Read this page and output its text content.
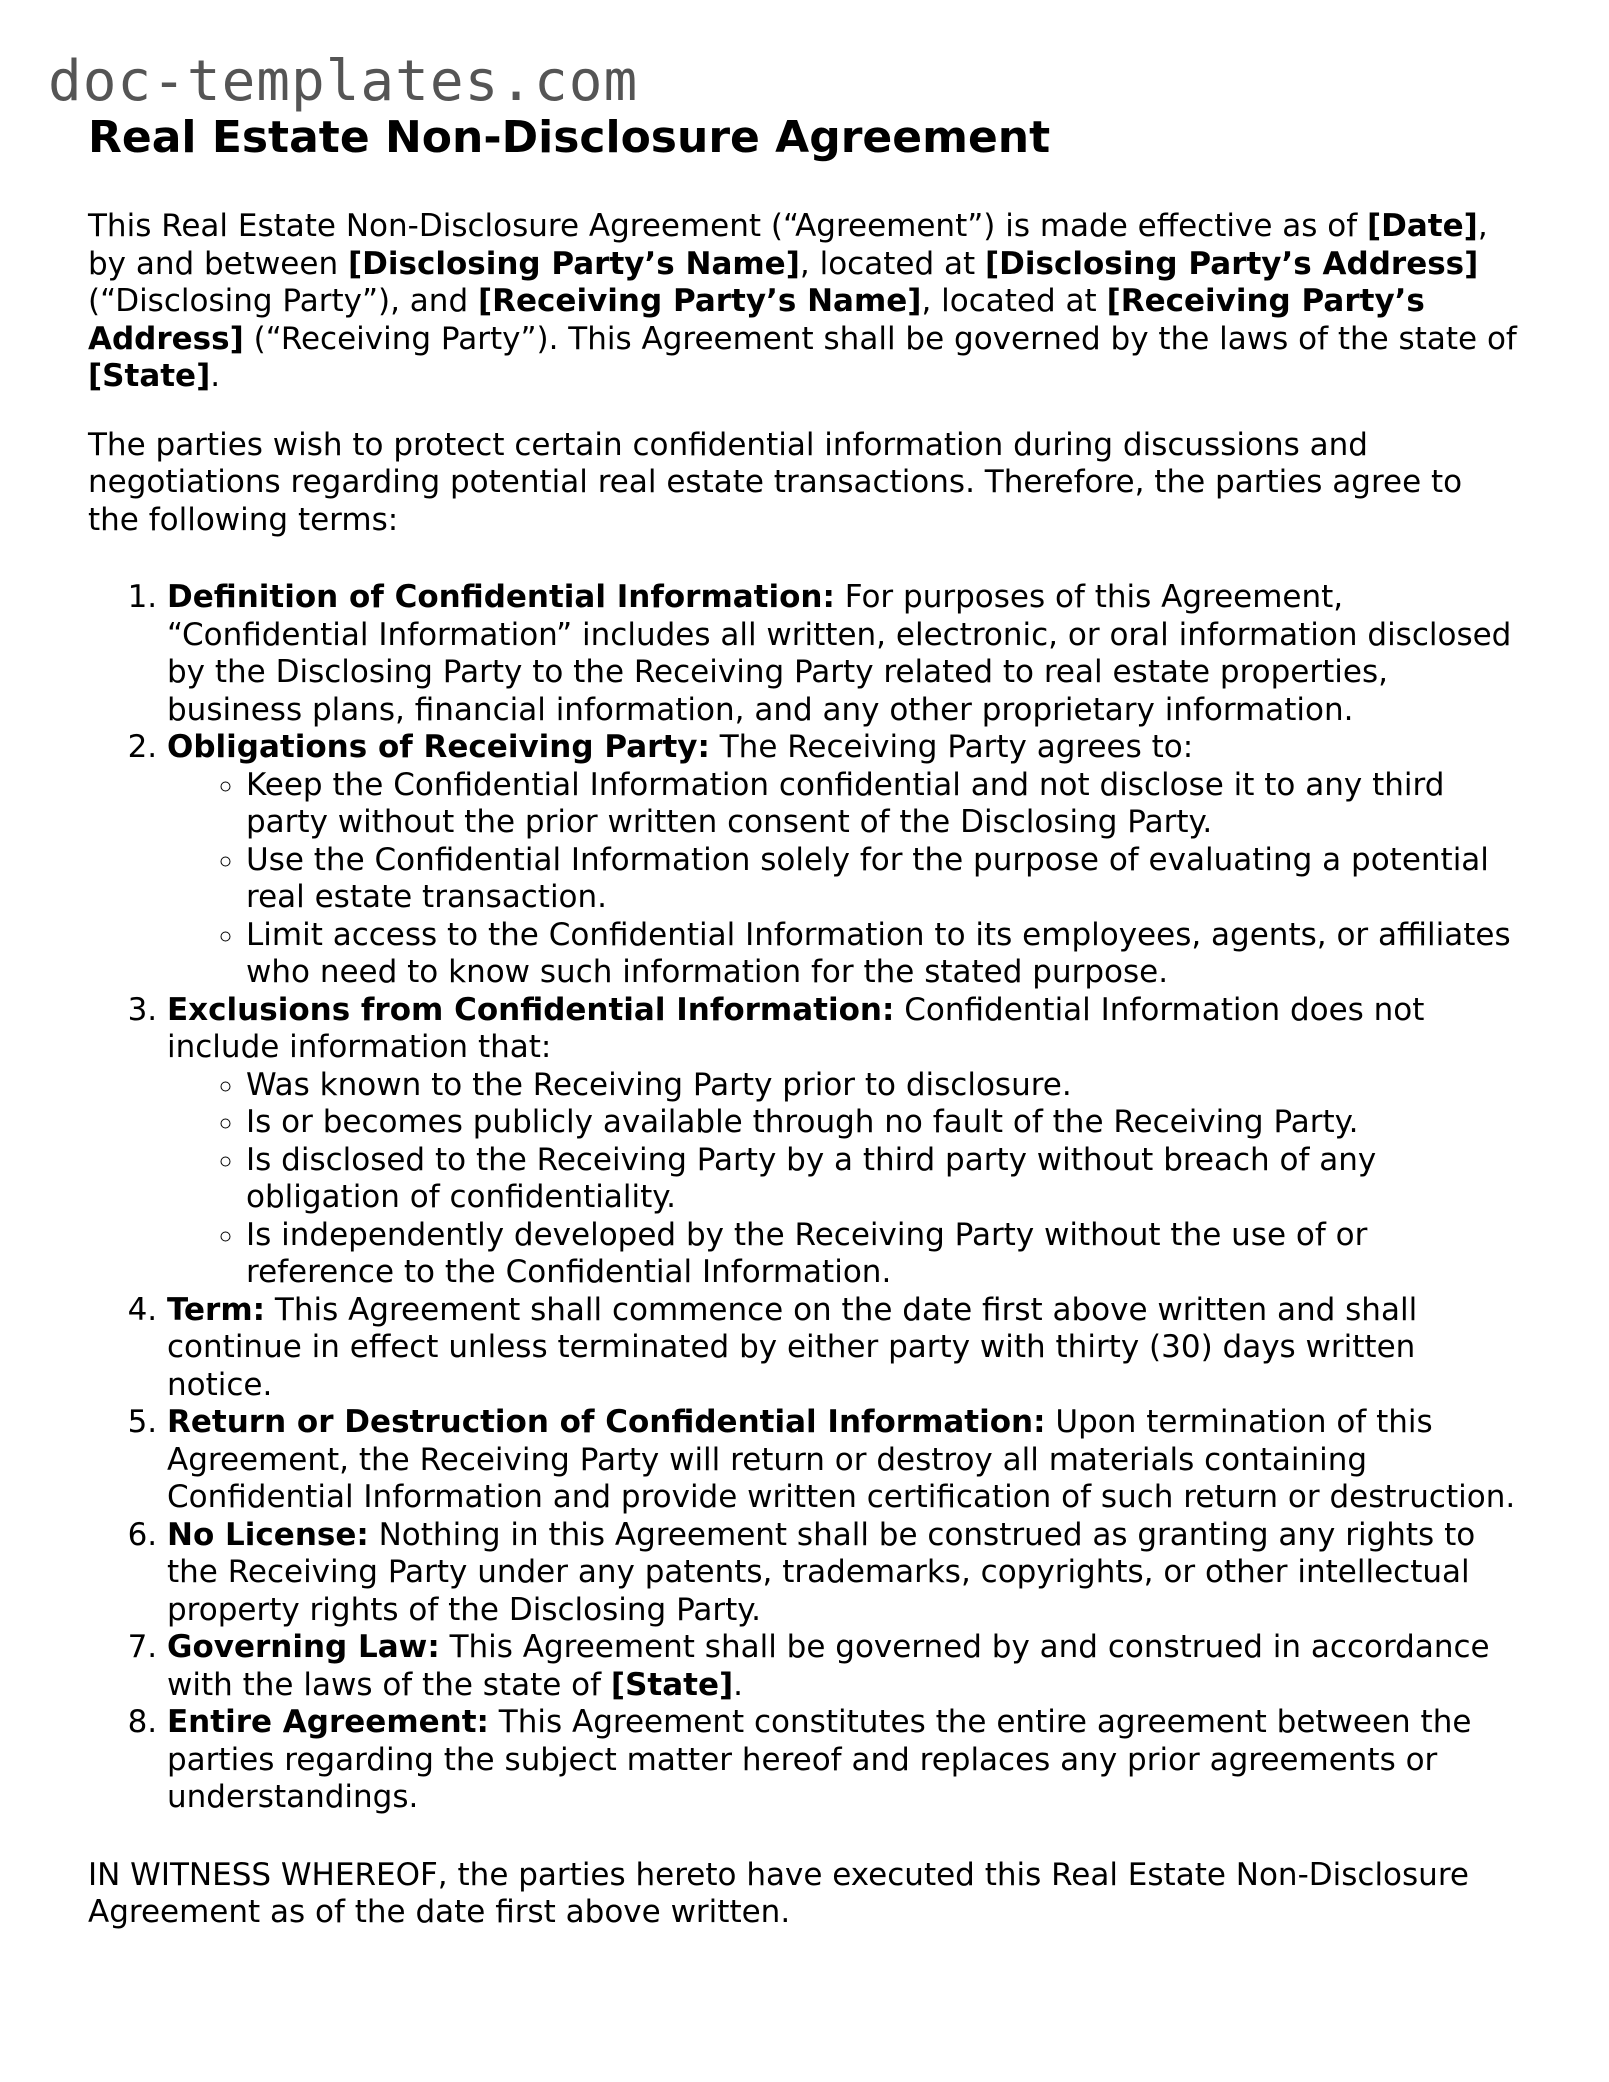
doc-templates.com
Real Estate Non-Disclosure Agreement

This Real Estate Non-Disclosure Agreement (“Agreement”) is made effective as of [Date], by and between [Disclosing Party’s Name], located at [Disclosing Party’s Address] (“Disclosing Party”), and [Receiving Party’s Name], located at [Receiving Party’s Address] (“Receiving Party”). This Agreement shall be governed by the laws of the state of [State].

The parties wish to protect certain confidential information during discussions and negotiations regarding potential real estate transactions. Therefore, the parties agree to the following terms:

1. Definition of Confidential Information: For purposes of this Agreement, “Confidential Information” includes all written, electronic, or oral information disclosed by the Disclosing Party to the Receiving Party related to real estate properties, business plans, financial information, and any other proprietary information.
2. Obligations of Receiving Party: The Receiving Party agrees to:
◦ Keep the Confidential Information confidential and not disclose it to any third party without the prior written consent of the Disclosing Party.
◦ Use the Confidential Information solely for the purpose of evaluating a potential real estate transaction.
◦ Limit access to the Confidential Information to its employees, agents, or affiliates who need to know such information for the stated purpose.
3. Exclusions from Confidential Information: Confidential Information does not include information that:
◦ Was known to the Receiving Party prior to disclosure.
◦ Is or becomes publicly available through no fault of the Receiving Party.
◦ Is disclosed to the Receiving Party by a third party without breach of any obligation of confidentiality.
◦ Is independently developed by the Receiving Party without the use of or reference to the Confidential Information.
4. Term: This Agreement shall commence on the date first above written and shall continue in effect unless terminated by either party with thirty (30) days written notice.
5. Return or Destruction of Confidential Information: Upon termination of this Agreement, the Receiving Party will return or destroy all materials containing Confidential Information and provide written certification of such return or destruction.
6. No License: Nothing in this Agreement shall be construed as granting any rights to the Receiving Party under any patents, trademarks, copyrights, or other intellectual property rights of the Disclosing Party.
7. Governing Law: This Agreement shall be governed by and construed in accordance with the laws of the state of [State].
8. Entire Agreement: This Agreement constitutes the entire agreement between the parties regarding the subject matter hereof and replaces any prior agreements or understandings.

IN WITNESS WHEREOF, the parties hereto have executed this Real Estate Non-Disclosure Agreement as of the date first above written.
